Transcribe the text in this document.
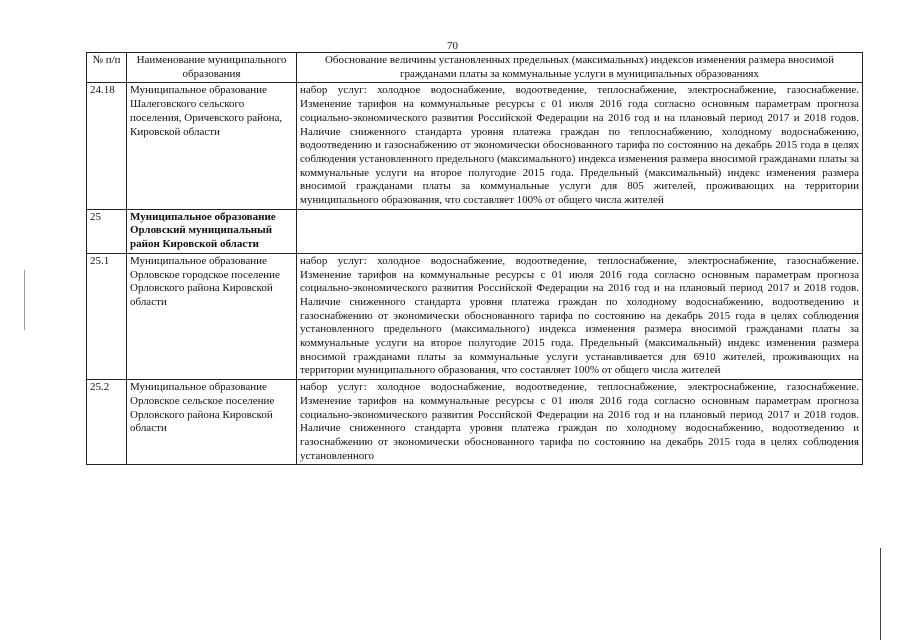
70
№ п/п	Наименование муниципального образования	Обоснование величины установленных предельных (максимальных) индексов изменения размера вносимой гражданами платы за коммунальные услуги в муниципальных образованиях
24.18	Муниципальное образование Шалеговского сельского поселения, Оричевского района, Кировской области	набор услуг: холодное водоснабжение, водоотведение, теплоснабжение, электроснабжение, газоснабжение. Изменение тарифов на коммунальные ресурсы с 01 июля 2016 года согласно основным параметрам прогноза социально-экономического развития Российской Федерации на 2016 год и на плановый период 2017 и 2018 годов. Наличие сниженного стандарта уровня платежа граждан по теплоснабжению, холодному водоснабжению, водоотведению и газоснабжению от экономически обоснованного тарифа по состоянию на декабрь 2015 года в целях соблюдения установленного предельного (максимального) индекса изменения размера вносимой гражданами платы за коммунальные услуги на второе полугодие 2015 года. Предельный (максимальный) индекс изменения размера вносимой гражданами платы за коммунальные услуги для 805 жителей, проживающих на территории муниципального образования, что составляет 100% от общего числа жителей
25	Муниципальное образование Орловский муниципальный район Кировской области	
25.1	Муниципальное образование Орловское городское поселение Орловского района Кировской области	набор услуг: холодное водоснабжение, водоотведение, теплоснабжение, электроснабжение, газоснабжение. Изменение тарифов на коммунальные ресурсы с 01 июля 2016 года согласно основным параметрам прогноза социально-экономического развития Российской Федерации на 2016 год и на плановый период 2017 и 2018 годов. Наличие сниженного стандарта уровня платежа граждан по холодному водоснабжению, водоотведению и газоснабжению от экономически обоснованного тарифа по состоянию на декабрь 2015 года в целях соблюдения установленного предельного (максимального) индекса изменения размера вносимой гражданами платы за коммунальные услуги на второе полугодие 2015 года. Предельный (максимальный) индекс изменения размера вносимой гражданами платы за коммунальные услуги устанавливается для 6910 жителей, проживающих на территории муниципального образования, что составляет 100% от общего числа жителей
25.2	Муниципальное образование Орловское сельское поселение Орловского района Кировской области	набор услуг: холодное водоснабжение, водоотведение, теплоснабжение, электроснабжение, газоснабжение. Изменение тарифов на коммунальные ресурсы с 01 июля 2016 года согласно основным параметрам прогноза социально-экономического развития Российской Федерации на 2016 год и на плановый период 2017 и 2018 годов. Наличие сниженного стандарта уровня платежа граждан по холодному водоснабжению, водоотведению и газоснабжению от экономически обоснованного тарифа по состоянию на декабрь 2015 года в целях соблюдения установленного
